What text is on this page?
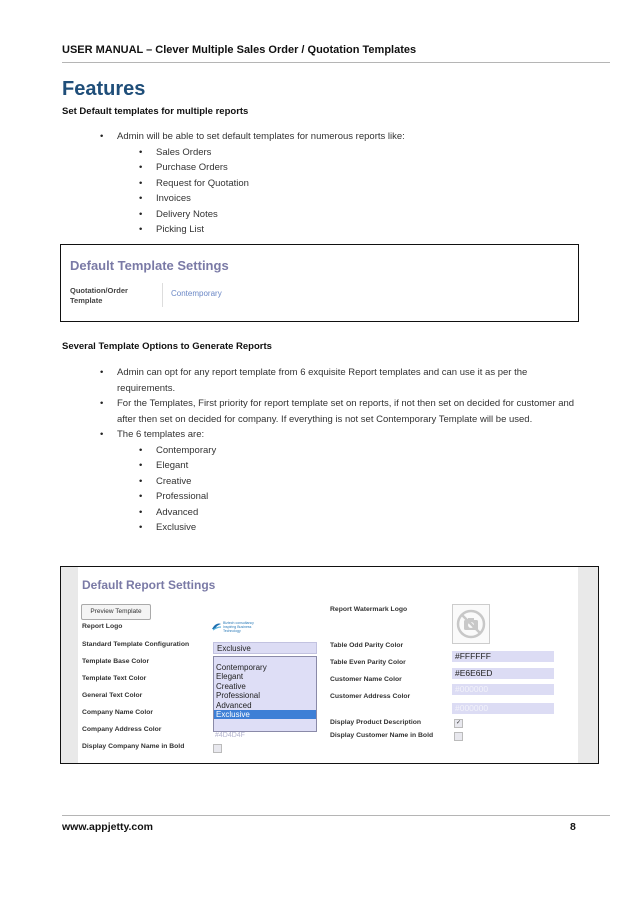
USER MANUAL – Clever Multiple Sales Order / Quotation Templates
Features
Set Default templates for multiple reports
• Admin will be able to set default templates for numerous reports like:
• Sales Orders
• Purchase Orders
• Request for Quotation
• Invoices
• Delivery Notes
• Picking List
Default Template Settings
Quotation/Order
Template
Contemporary
Several Template Options to Generate Reports
• Admin can opt for any report template from 6 exquisite Report templates and can use it as per the requirements.
• For the Templates, First priority for report template set on reports, if not then set on decided for customer and after then set on decided for company. If everything is not set Contemporary Template will be used.
• The 6 templates are:
• Contemporary
• Elegant
• Creative
• Professional
• Advanced
• Exclusive
Default Report Settings
Preview Template
Report Logo
Standard Template Configuration
Template Base Color
Template Text Color
General Text Color
Company Name Color
Company Address Color
Display Company Name in Bold
Biztech consultancy
Inspiring Business Technology
Exclusive
Contemporary
Elegant
Creative
Professional
Advanced
Exclusive
#4D4D4F
Report Watermark Logo
Table Odd Parity Color
Table Even Parity Color
Customer Name Color
Customer Address Color
Display Product Description
Display Customer Name in Bold
#FFFFFF
#E6E6ED
#000000
#000000
✓
www.appjetty.com	8
